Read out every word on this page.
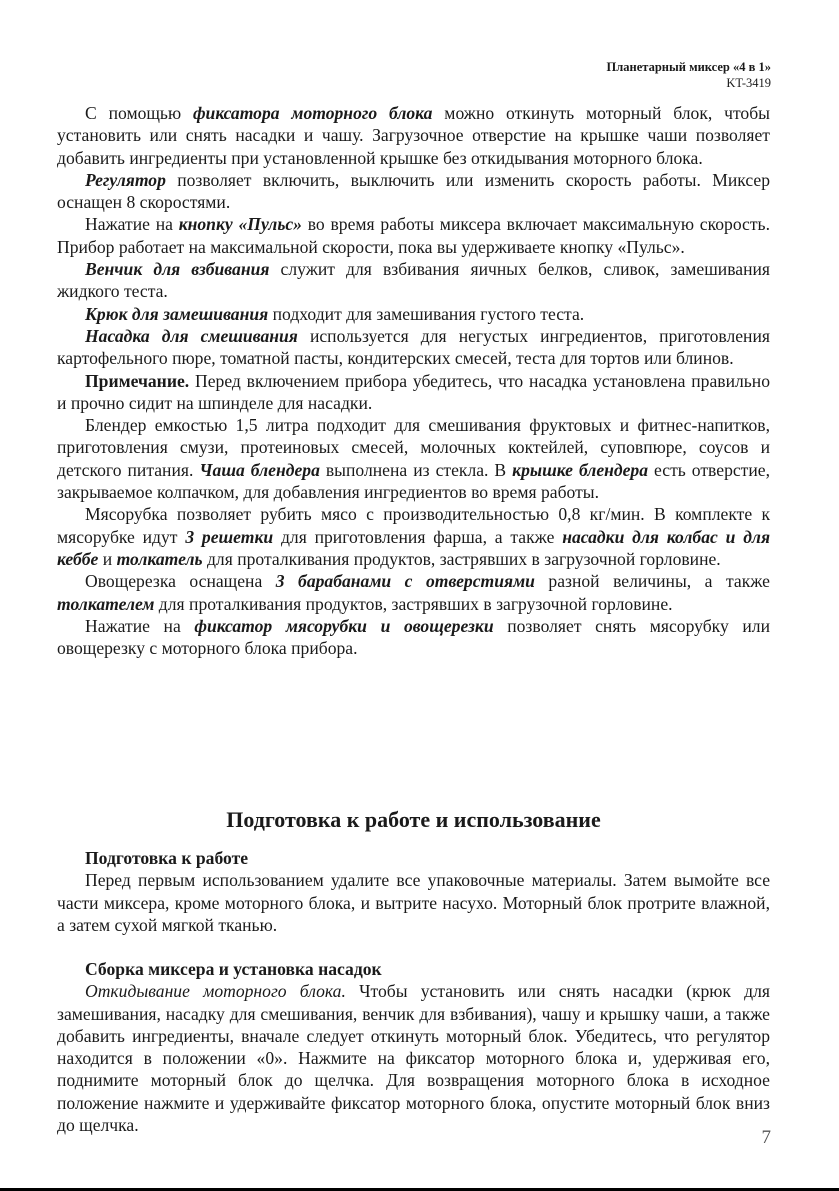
Планетарный миксер «4 в 1»
KT-3419

С помощью фиксатора моторного блока можно откинуть моторный блок, чтобы установить или снять насадки и чашу. Загрузочное отверстие на крышке чаши позволяет добавить ингредиенты при установленной крышке без откидывания моторного блока.

Регулятор позволяет включить, выключить или изменить скорость работы. Миксер оснащен 8 скоростями.

Нажатие на кнопку «Пульс» во время работы миксера включает максимальную скорость. Прибор работает на максимальной скорости, пока вы удерживаете кнопку «Пульс».

Венчик для взбивания служит для взбивания яичных белков, сливок, замешивания жидкого теста.

Крюк для замешивания подходит для замешивания густого теста.

Насадка для смешивания используется для негустых ингредиентов, приготовления картофельного пюре, томатной пасты, кондитерских смесей, теста для тортов или блинов.

Примечание. Перед включением прибора убедитесь, что насадка установлена правильно и прочно сидит на шпинделе для насадки.

Блендер емкостью 1,5 литра подходит для смешивания фруктовых и фитнес-напитков, приготовления смузи, протеиновых смесей, молочных коктейлей, суповпюре, соусов и детского питания. Чаша блендера выполнена из стекла. В крышке блендера есть отверстие, закрываемое колпачком, для добавления ингредиентов во время работы.

Мясорубка позволяет рубить мясо с производительностью 0,8 кг/мин. В комплекте к мясорубке идут 3 решетки для приготовления фарша, а также насадки для колбас и для кеббе и толкатель для проталкивания продуктов, застрявших в загрузочной горловине.

Овощерезка оснащена 3 барабанами с отверстиями разной величины, а также толкателем для проталкивания продуктов, застрявших в загрузочной горловине.

Нажатие на фиксатор мясорубки и овощерезки позволяет снять мясорубку или овощерезку с моторного блока прибора.

Подготовка к работе и использование
Подготовка к работе

Перед первым использованием удалите все упаковочные материалы. Затем вымойте все части миксера, кроме моторного блока, и вытрите насухо. Моторный блок протрите влажной, а затем сухой мягкой тканью.

Сборка миксера и установка насадок

Откидывание моторного блока. Чтобы установить или снять насадки (крюк для замешивания, насадку для смешивания, венчик для взбивания), чашу и крышку чаши, а также добавить ингредиенты, вначале следует откинуть моторный блок. Убедитесь, что регулятор находится в положении «0». Нажмите на фиксатор моторного блока и, удерживая его, поднимите моторный блок до щелчка. Для возвращения моторного блока в исходное положение нажмите и удерживайте фиксатор моторного блока, опустите моторный блок вниз до щелчка.

7
